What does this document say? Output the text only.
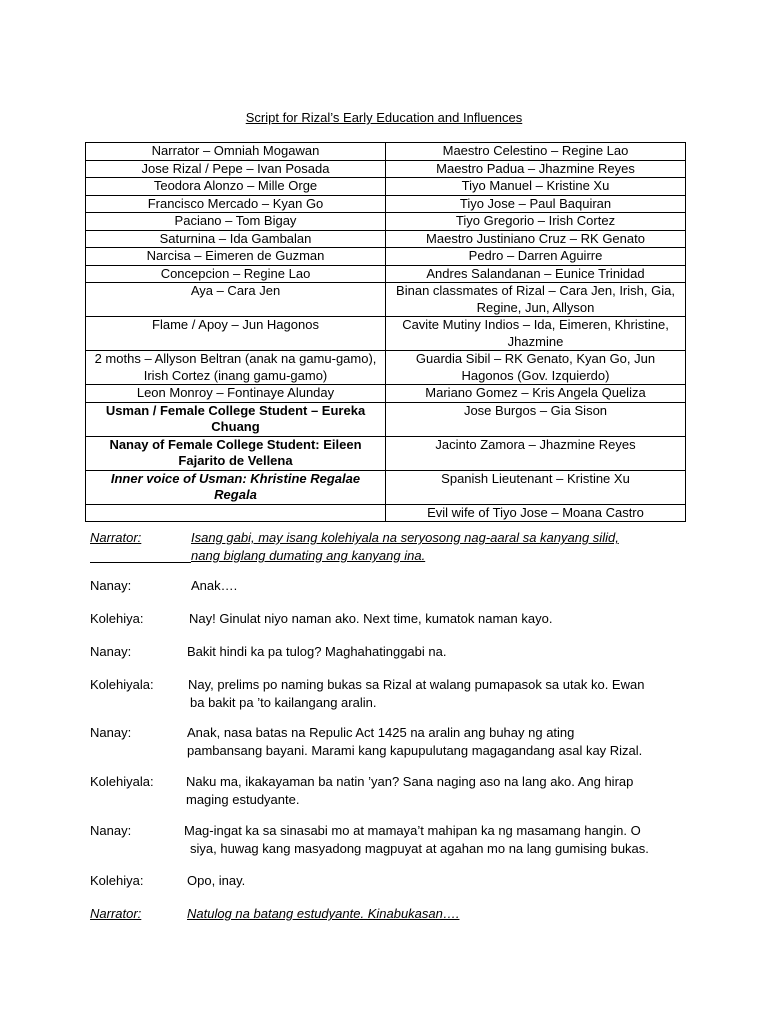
Script for Rizal’s Early Education and Influences
Narrator – Omniah Mogawan	Maestro Celestino – Regine Lao
Jose Rizal / Pepe – Ivan Posada	Maestro Padua – Jhazmine Reyes
Teodora Alonzo – Mille Orge	Tiyo Manuel – Kristine Xu
Francisco Mercado – Kyan Go	Tiyo Jose – Paul Baquiran
Paciano – Tom Bigay	Tiyo Gregorio – Irish Cortez
Saturnina – Ida Gambalan	Maestro Justiniano Cruz – RK Genato
Narcisa – Eimeren de Guzman	Pedro – Darren Aguirre
Concepcion – Regine Lao	Andres Salandanan – Eunice Trinidad
Aya – Cara Jen	Binan classmates of Rizal – Cara Jen, Irish, Gia, Regine, Jun, Allyson
Flame / Apoy – Jun Hagonos	Cavite Mutiny Indios – Ida, Eimeren, Khristine, Jhazmine
2 moths – Allyson Beltran (anak na gamu-gamo), Irish Cortez (inang gamu-gamo)	Guardia Sibil – RK Genato, Kyan Go, Jun Hagonos (Gov. Izquierdo)
Leon Monroy – Fontinaye Alunday	Mariano Gomez – Kris Angela Queliza
Usman / Female College Student – Eureka Chuang	Jose Burgos – Gia Sison
Nanay of Female College Student: Eileen Fajarito de Vellena	Jacinto Zamora – Jhazmine Reyes
Inner voice of Usman: Khristine Regalae Regala	Spanish Lieutenant – Kristine Xu
	Evil wife of Tiyo Jose – Moana Castro
Narrator:	Isang gabi, may isang kolehiyala na seryosong nag-aaral sa kanyang silid,
nang biglang dumating ang kanyang ina.
Nanay:	Anak….
Kolehiya:	Nay! Ginulat niyo naman ako. Next time, kumatok naman kayo.
Nanay:	Bakit hindi ka pa tulog? Maghahatinggabi na.
Kolehiyala:	Nay, prelims po naming bukas sa Rizal at walang pumapasok sa utak ko. Ewan
ba bakit pa ’to kailangang aralin.
Nanay:	Anak, nasa batas na Repulic Act 1425 na aralin ang buhay ng ating
pambansang bayani. Marami kang kapupulutang magagandang asal kay Rizal.
Kolehiyala: Naku ma, ikakayaman ba natin ’yan? Sana naging aso na lang ako. Ang hirap
maging estudyante.
Nanay:	Mag-ingat ka sa sinasabi mo at mamaya’t mahipan ka ng masamang hangin. O
siya, huwag kang masyadong magpuyat at agahan mo na lang gumising bukas.
Kolehiya:	Opo, inay.
Narrator:	Natulog na batang estudyante. Kinabukasan….
